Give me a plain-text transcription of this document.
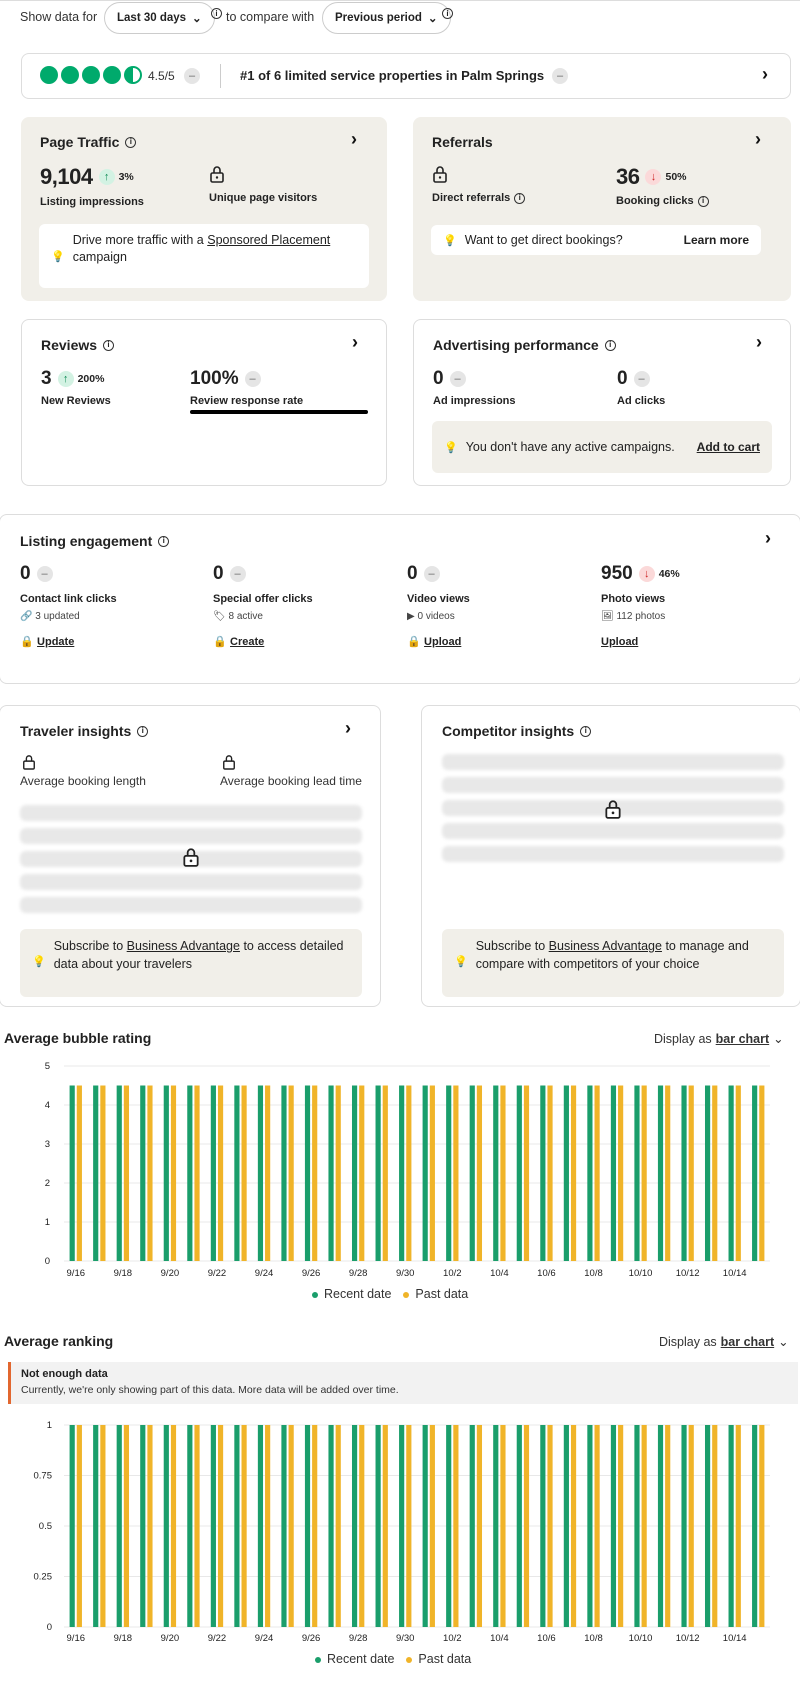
Show data for Last 30 days ⌄	i to compare with Previous period ⌄	i
4.5/5	–	#1 of 6 limited service properties in Palm Springs	–	›
Page Traffic	i	›
9,104	↑ 3%
Listing impressions	Unique page visitors
💡
Drive more traffic with a Sponsored Placement
campaign
Referrals	›
Direct referrals	i
36	↓ 50%
Booking clicks	i
💡 Want to get direct bookings?	Learn more
Reviews	i	›
3	↑ 200%
New Reviews
100% –
Review response rate
Advertising performance	i	›
0 –
Ad impressions
0 –
Ad clicks
💡 You don't have any active campaigns.	Add to cart
Listing engagement	i	›
0 –
Contact link clicks
🔗 3 updated
🔒 Update
0 –
Special offer clicks
🏷 8 active
🔒 Create
0 –
Video views
▶ 0 videos
🔒 Upload
950	↓ 46%
Photo views
🖼 112 photos
Upload
Traveler insights	i	›
Average booking length	Average booking lead time
💡
Subscribe to Business Advantage to access detailed data about your travelers
Competitor insights	i
💡
Subscribe to Business Advantage to manage and compare with competitors of your choice
Average bubble rating	Display as bar chart ⌄
0
1
2
3
4
5
9/16	9/18	9/20	9/22	9/24	9/26	9/28	9/30	10/2	10/4	10/6	10/8	10/10 10/12 10/14
Recent date	Past data
Average ranking	Display as bar chart ⌄
Not enough data
Currently, we're only showing part of this data. More data will be added over time.
0
0.25
0.5
0.75
1
9/16	9/18	9/20	9/22	9/24	9/26	9/28	9/30	10/2	10/4	10/6	10/8	10/10 10/12 10/14
Recent date	Past data
